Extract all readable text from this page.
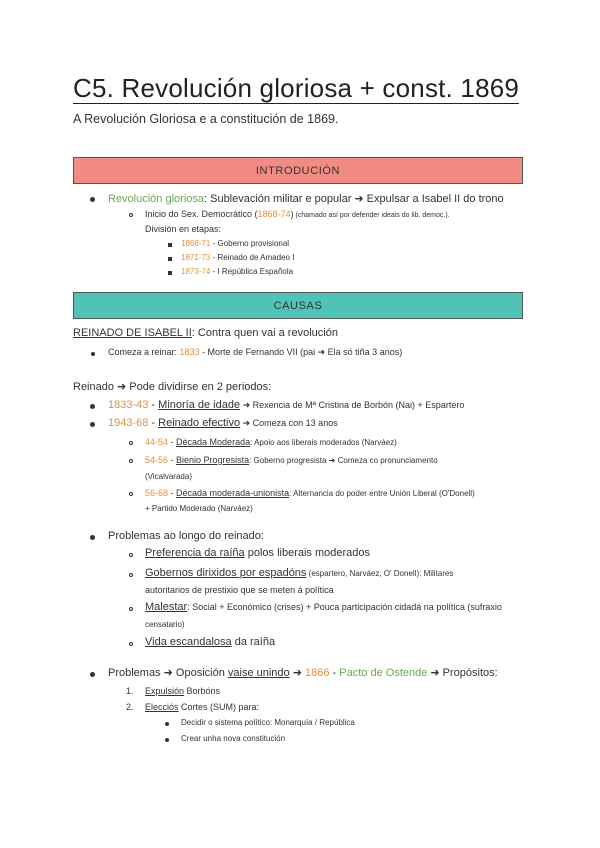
C5. Revolución gloriosa + const. 1869
A Revolución Gloriosa e a constitución de 1869.
INTRODUCIÓN
Revolución gloriosa: Sublevación militar e popular ➜ Expulsar a Isabel II do trono
Inicio do Sex. Democrático (1868-74) (chamado así por defender ideais do lib. democ.).
División en etapas:
1868-71 - Goberno provisional
1871-73 - Reinado de Amadeo I
1873-74 - I República Española
CAUSAS
REINADO DE ISABEL II: Contra quen vai a revolución
Comeza a reinar: 1833 - Morte de Fernando VII (pai ➜ Ela só tiña 3 anos)
Reinado ➜ Pode dividirse en 2 periodos:
1833-43 - Minoría de idade ➜ Rexencia de Mª Cristina de Borbón (Nai) + Espartero
1943-68 - Reinado efectivo ➜ Comeza con 13 anos
44-54 - Década Moderada: Apoio aos liberais moderados (Narváez)
54-56 - Bienio Progresista: Goberno progresista ➜ Comeza co pronunciamento
(Vicalvarada)
56-68 - Década moderada-unionista: Alternancia do poder entre Unión Liberal (O'Donell)
+ Partido Moderado (Narváez)
Problemas ao longo do reinado:
Preferencia da raíña polos liberais moderados
Gobernos dirixidos por espadóns (espartero, Narváez, O' Donell): Militares
autoritarios de prestixio que se meten á política
Malestar: Social + Económico (crises) + Pouca participación cidadá na política (sufraxio
censatario)
Vida escandalosa da raíña
Problemas ➜ Oposición vaise unindo ➜ 1866 - Pacto de Ostende ➜ Propósitos:
1. Expulsión Borbóns
2. Elecciós Cortes (SUM) para:
Decidir o sistema político: Monarquía / República
Crear unha nova constitución
